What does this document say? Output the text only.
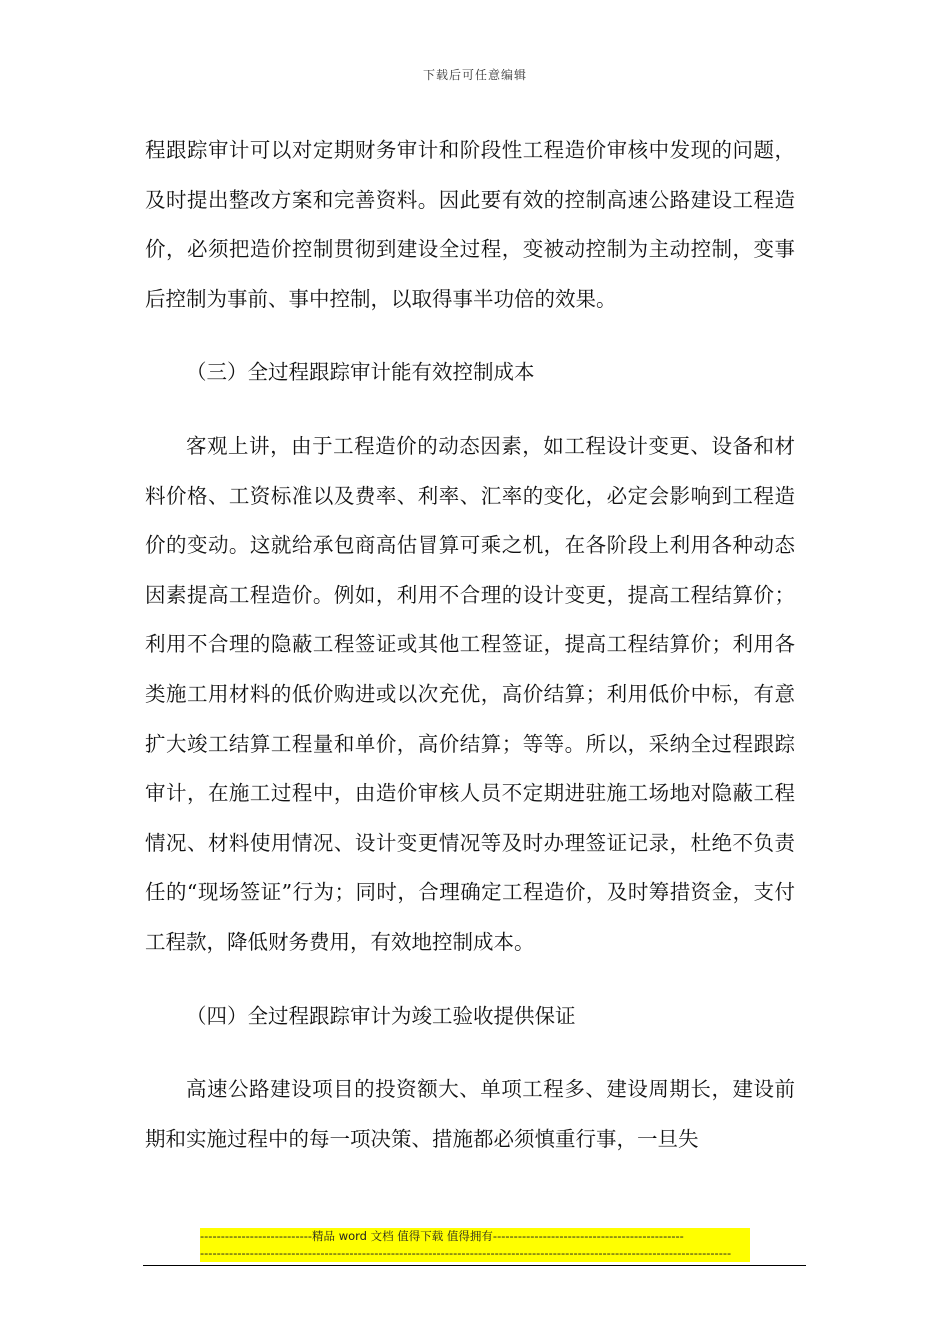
下载后可任意编辑

程跟踪审计可以对定期财务审计和阶段性工程造价审核中发现的问题，及时提出整改方案和完善资料。因此要有效的控制高速公路建设工程造价，必须把造价控制贯彻到建设全过程，变被动控制为主动控制，变事后控制为事前、事中控制，以取得事半功倍的效果。

（三）全过程跟踪审计能有效控制成本

客观上讲，由于工程造价的动态因素，如工程设计变更、设备和材料价格、工资标准以及费率、利率、汇率的变化，必定会影响到工程造价的变动。这就给承包商高估冒算可乘之机，在各阶段上利用各种动态因素提高工程造价。例如，利用不合理的设计变更，提高工程结算价；利用不合理的隐蔽工程签证或其他工程签证，提高工程结算价；利用各类施工用材料的低价购进或以次充优，高价结算；利用低价中标，有意扩大竣工结算工程量和单价，高价结算；等等。所以，采纳全过程跟踪审计，在施工过程中，由造价审核人员不定期进驻施工场地对隐蔽工程情况、材料使用情况、设计变更情况等及时办理签证记录，杜绝不负责任的“现场签证”行为；同时，合理确定工程造价，及时筹措资金，支付工程款，降低财务费用，有效地控制成本。

（四）全过程跟踪审计为竣工验收提供保证

高速公路建设项目的投资额大、单项工程多、建设周期长，建设前期和实施过程中的每一项决策、措施都必须慎重行事，一旦失

---------------------------精品 word 文档 值得下载 值得拥有----------------------------------------------
--------------------------------------------------------------------------------------------------------------------------------
